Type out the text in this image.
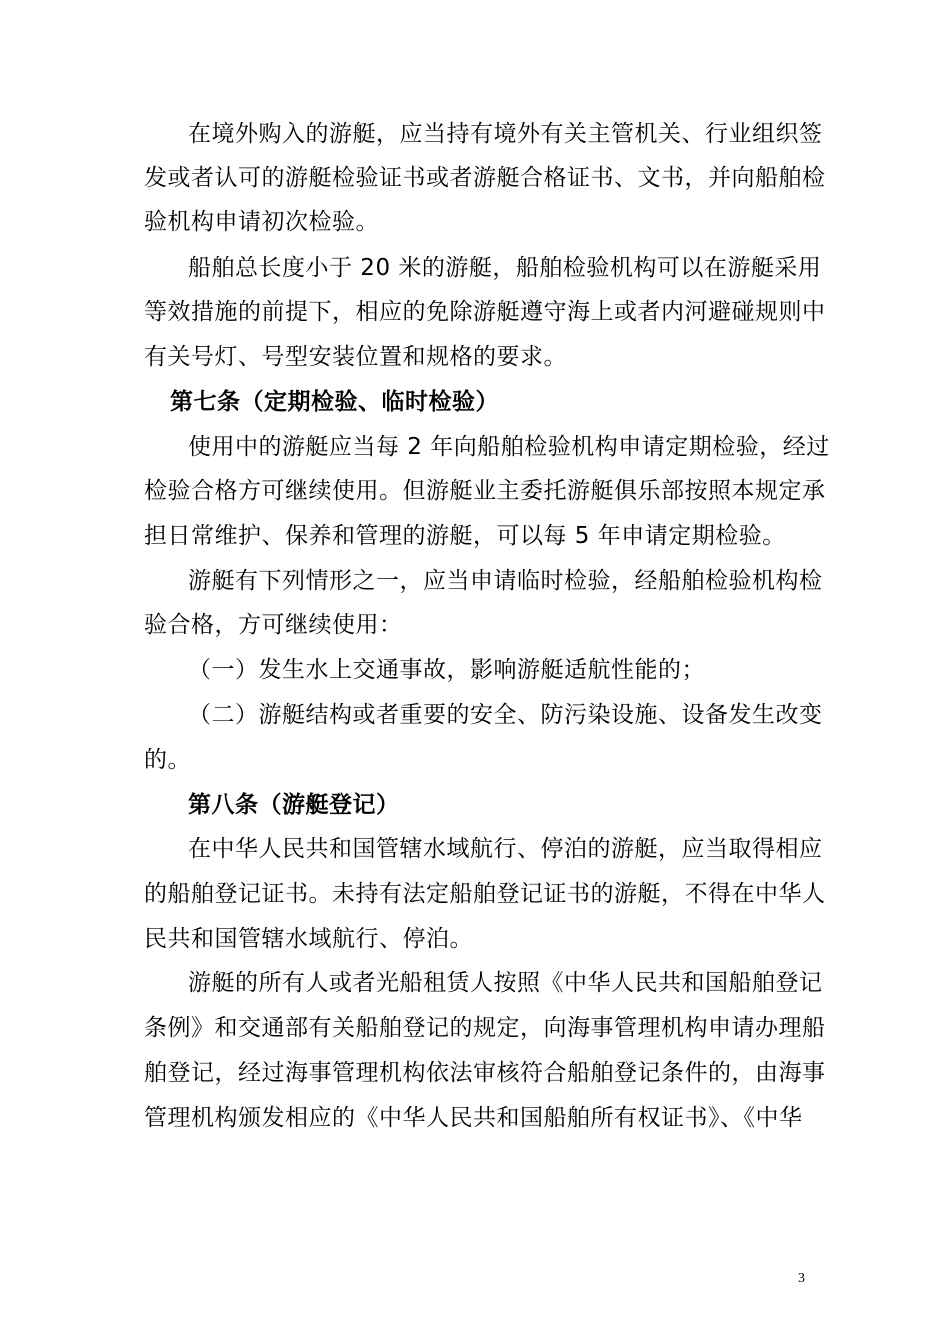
在境外购入的游艇，应当持有境外有关主管机关、行业组织签
发或者认可的游艇检验证书或者游艇合格证书、文书，并向船舶检
验机构申请初次检验。
船舶总长度小于 20 米的游艇，船舶检验机构可以在游艇采用
等效措施的前提下，相应的免除游艇遵守海上或者内河避碰规则中
有关号灯、号型安装位置和规格的要求。
第七条（定期检验、临时检验）
使用中的游艇应当每 2 年向船舶检验机构申请定期检验，经过
检验合格方可继续使用。但游艇业主委托游艇俱乐部按照本规定承
担日常维护、保养和管理的游艇，可以每 5 年申请定期检验。
游艇有下列情形之一，应当申请临时检验，经船舶检验机构检
验合格，方可继续使用：
（一）发生水上交通事故，影响游艇适航性能的；
（二）游艇结构或者重要的安全、防污染设施、设备发生改变
的。
第八条（游艇登记）
在中华人民共和国管辖水域航行、停泊的游艇，应当取得相应
的船舶登记证书。未持有法定船舶登记证书的游艇，不得在中华人
民共和国管辖水域航行、停泊。
游艇的所有人或者光船租赁人按照《中华人民共和国船舶登记
条例》和交通部有关船舶登记的规定，向海事管理机构申请办理船
舶登记，经过海事管理机构依法审核符合船舶登记条件的，由海事
管理机构颁发相应的《中华人民共和国船舶所有权证书》、《中华
3
